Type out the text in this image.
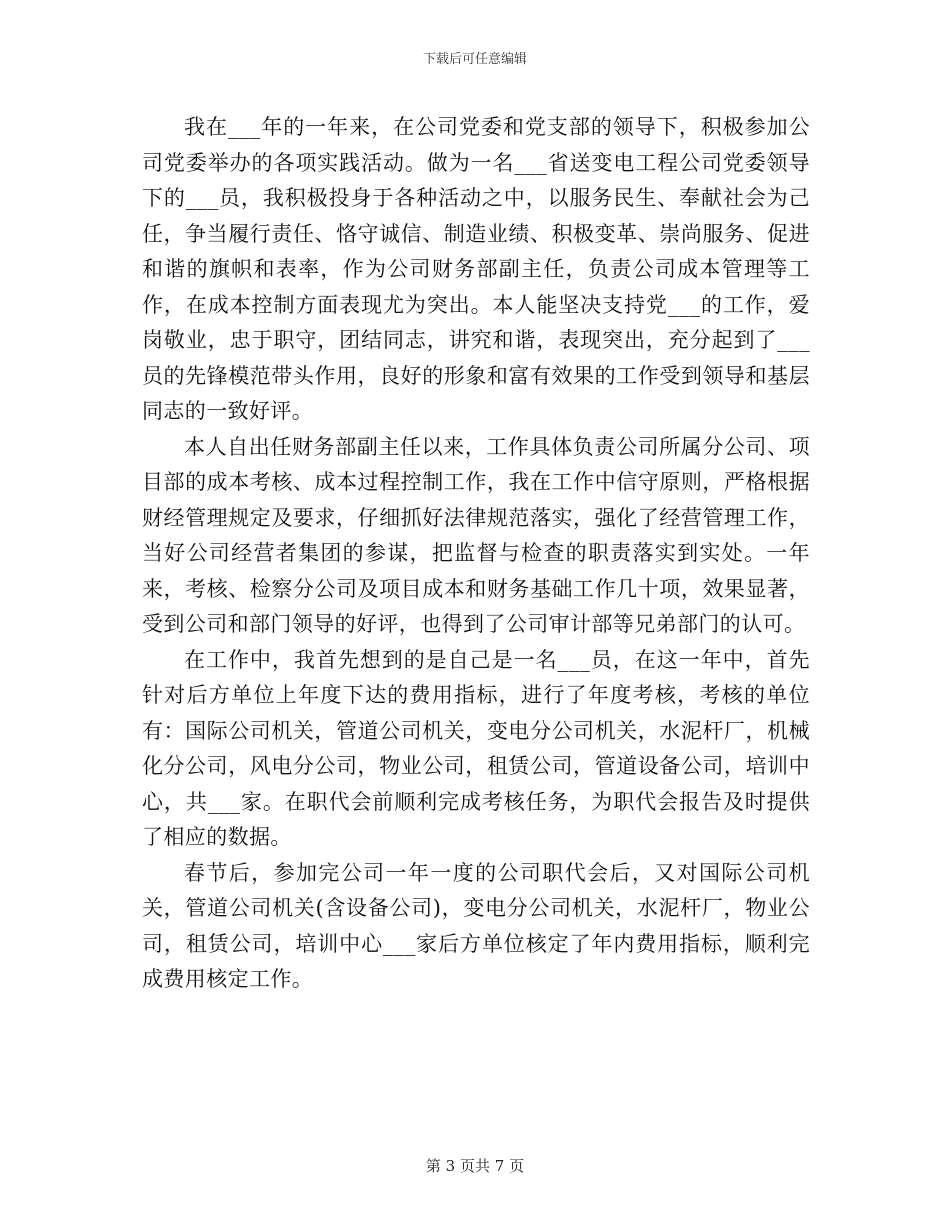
下载后可任意编辑

我在___年的一年来，在公司党委和党支部的领导下，积极参加公司党委举办的各项实践活动。做为一名___省送变电工程公司党委领导下的___员，我积极投身于各种活动之中，以服务民生、奉献社会为己任，争当履行责任、恪守诚信、制造业绩、积极变革、崇尚服务、促进和谐的旗帜和表率，作为公司财务部副主任，负责公司成本管理等工作，在成本控制方面表现尤为突出。本人能坚决支持党___的工作，爱岗敬业，忠于职守，团结同志，讲究和谐，表现突出，充分起到了___员的先锋模范带头作用，良好的形象和富有效果的工作受到领导和基层同志的一致好评。

本人自出任财务部副主任以来，工作具体负责公司所属分公司、项目部的成本考核、成本过程控制工作，我在工作中信守原则，严格根据财经管理规定及要求，仔细抓好法律规范落实，强化了经营管理工作，当好公司经营者集团的参谋，把监督与检查的职责落实到实处。一年来，考核、检察分公司及项目成本和财务基础工作几十项，效果显著，受到公司和部门领导的好评，也得到了公司审计部等兄弟部门的认可。

在工作中，我首先想到的是自己是一名___员，在这一年中，首先针对后方单位上年度下达的费用指标，进行了年度考核，考核的单位有：国际公司机关，管道公司机关，变电分公司机关，水泥杆厂，机械化分公司，风电分公司，物业公司，租赁公司，管道设备公司，培训中心，共___家。在职代会前顺利完成考核任务，为职代会报告及时提供了相应的数据。

春节后，参加完公司一年一度的公司职代会后，又对国际公司机关，管道公司机关(含设备公司)，变电分公司机关，水泥杆厂，物业公司，租赁公司，培训中心___家后方单位核定了年内费用指标，顺利完成费用核定工作。

第 3 页共 7 页
